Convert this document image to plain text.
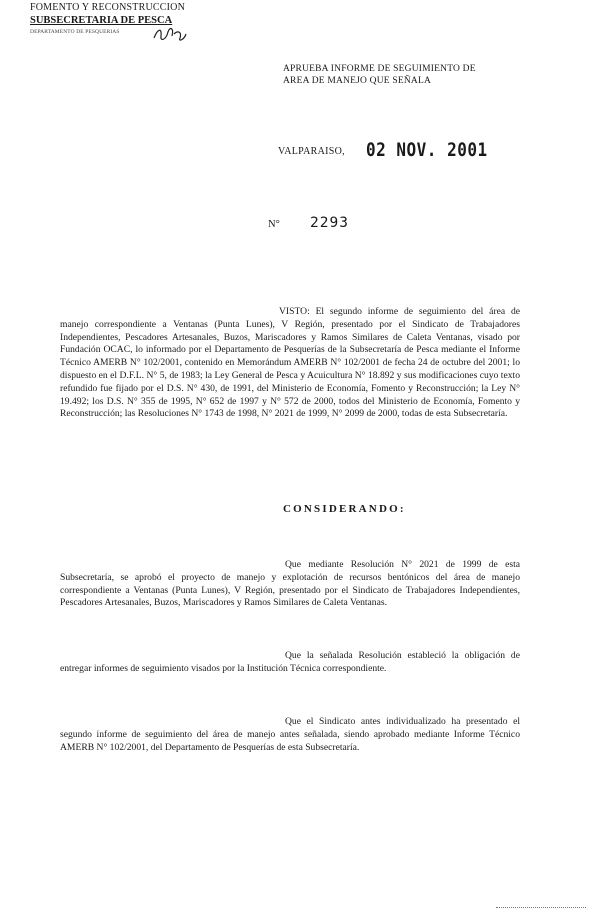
FOMENTO Y RECONSTRUCCION
SUBSECRETARIA DE PESCA
DEPARTAMENTO DE PESQUERIAS
APRUEBA INFORME DE SEGUIMIENTO DE
AREA DE MANEJO QUE SEÑALA
VALPARAISO, 02 NOV. 2001
N° 2293
VISTO: El segundo informe de seguimiento del área de manejo correspondiente a Ventanas (Punta Lunes), V Región, presentado por el Sindicato de Trabajadores Independientes, Pescadores Artesanales, Buzos, Mariscadores y Ramos Similares de Caleta Ventanas, visado por Fundación OCAC, lo informado por el Departamento de Pesquerías de la Subsecretaría de Pesca mediante el Informe Técnico AMERB N° 102/2001, contenido en Memorándum AMERB N° 102/2001 de fecha 24 de octubre del 2001; lo dispuesto en el D.F.L. N° 5, de 1983; la Ley General de Pesca y Acuicultura N° 18.892 y sus modificaciones cuyo texto refundido fue fijado por el D.S. N° 430, de 1991, del Ministerio de Economía, Fomento y Reconstrucción; la Ley N° 19.492; los D.S. N° 355 de 1995, N° 652 de 1997 y N° 572 de 2000, todos del Ministerio de Economía, Fomento y Reconstrucción; las Resoluciones N° 1743 de 1998, N° 2021 de 1999, N° 2099 de 2000, todas de esta Subsecretaría.
CONSIDERANDO:
Que mediante Resolución N° 2021 de 1999 de esta Subsecretaría, se aprobó el proyecto de manejo y explotación de recursos bentónicos del área de manejo correspondiente a Ventanas (Punta Lunes), V Región, presentado por el Sindicato de Trabajadores Independientes, Pescadores Artesanales, Buzos, Mariscadores y Ramos Similares de Caleta Ventanas.
Que la señalada Resolución estableció la obligación de entregar informes de seguimiento visados por la Institución Técnica correspondiente.
Que el Sindicato antes individualizado ha presentado el segundo informe de seguimiento del área de manejo antes señalada, siendo aprobado mediante Informe Técnico AMERB N° 102/2001, del Departamento de Pesquerías de esta Subsecretaría.
